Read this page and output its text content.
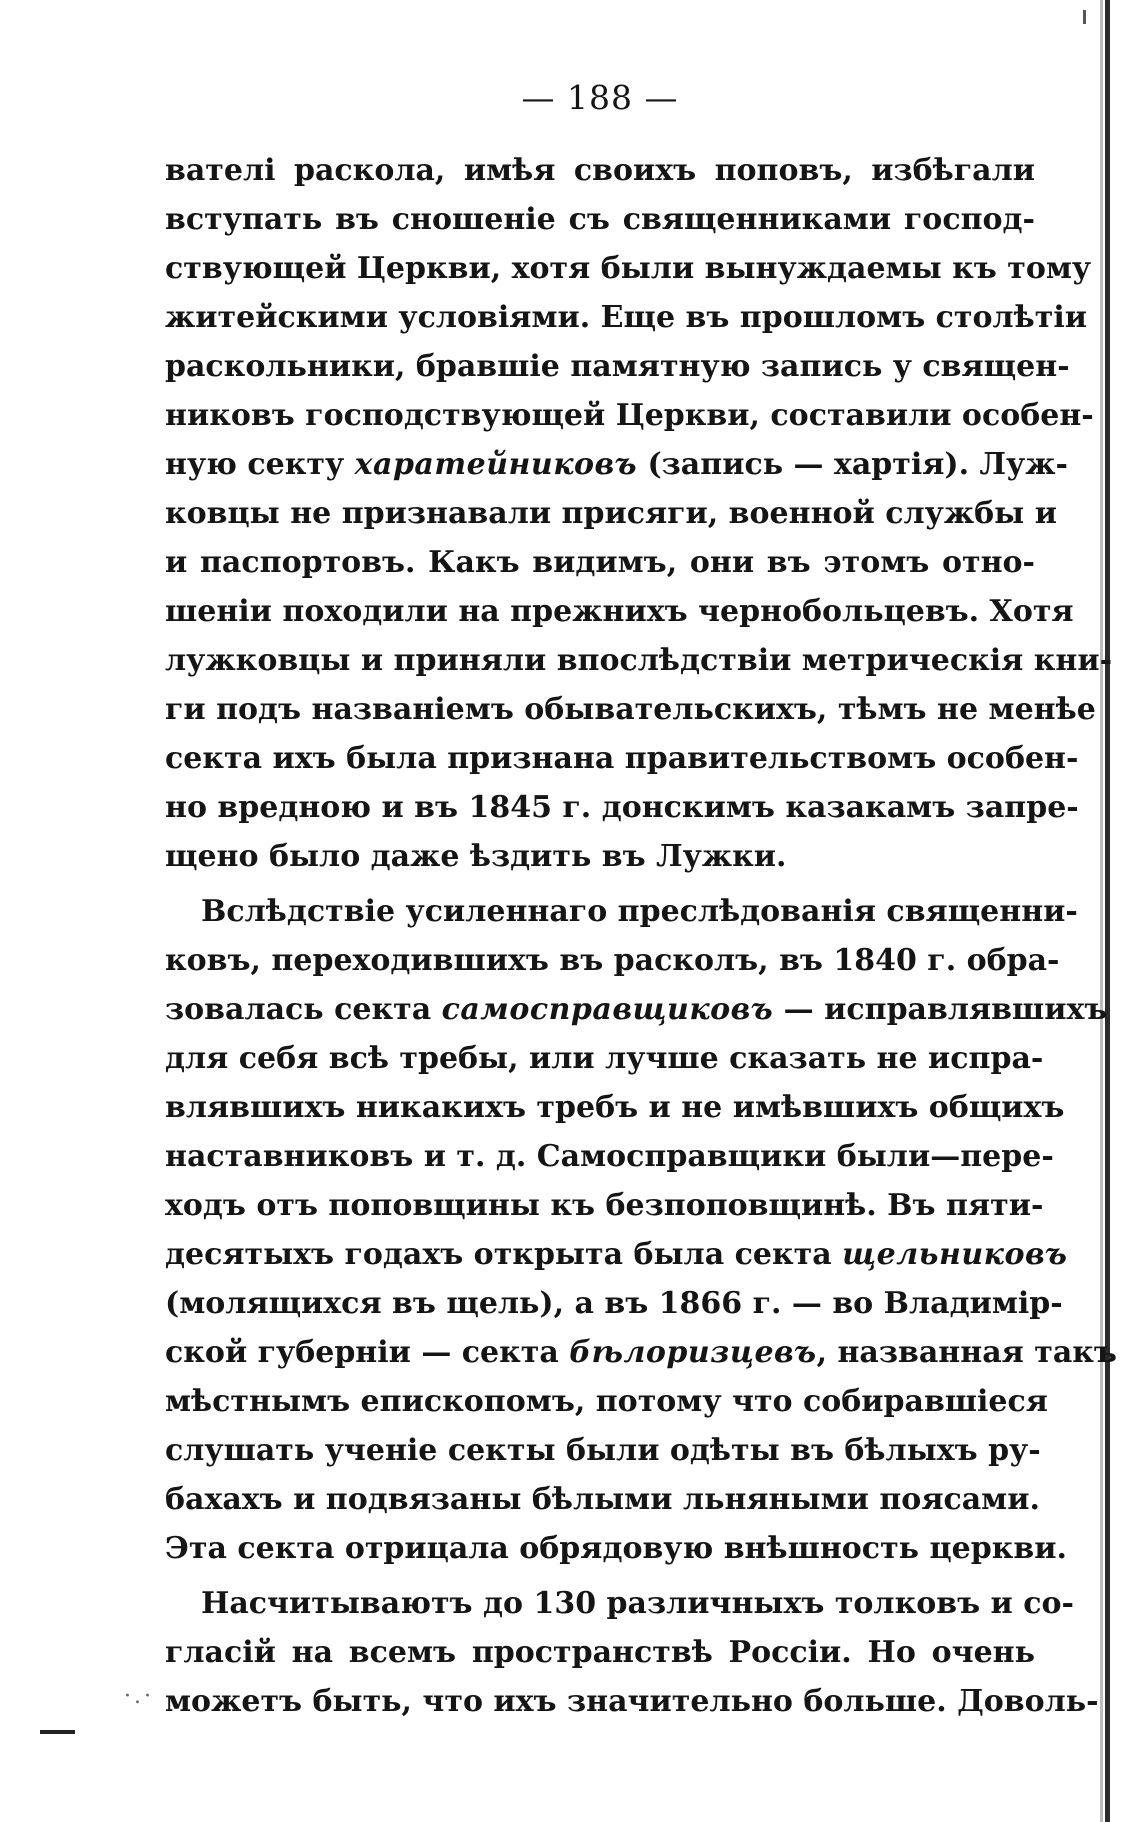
— 188 —
вателі раскола, имѣя своихъ поповъ, избѣгали
вступать въ сношеніе съ священниками господ-
ствующей Церкви, хотя были вынуждаемы къ тому
житейскими условіями. Еще въ прошломъ столѣтіи
раскольники, бравшіе памятную запись у священ-
никовъ господствующей Церкви, составили особен-
ную секту харатейниковъ (запись — хартія). Луж-
ковцы не признавали присяги, военной службы и
и паспортовъ. Какъ видимъ, они въ этомъ отно-
шеніи походили на прежнихъ чернобольцевъ. Хотя
лужковцы и приняли впослѣдствіи метрическія кни-
ги подъ названіемъ обывательскихъ, тѣмъ не менѣе
секта ихъ была признана правительствомъ особен-
но вредною и въ 1845 г. донскимъ казакамъ запре-
щено было даже ѣздить въ Лужки.
Вслѣдствіе усиленнаго преслѣдованія священни-
ковъ, переходившихъ въ расколъ, въ 1840 г. обра-
зовалась секта самосправщиковъ — исправлявшихъ
для себя всѣ требы, или лучше сказать не испра-
влявшихъ никакихъ требъ и не имѣвшихъ общихъ
наставниковъ и т. д. Самосправщики были—пере-
ходъ отъ поповщины къ безпоповщинѣ. Въ пяти-
десятыхъ годахъ открыта была секта щельниковъ
(молящихся въ щель), а въ 1866 г. — во Владимір-
ской губерніи — секта бѣлоризцевъ, названная такъ
мѣстнымъ епископомъ, потому что собиравшіеся
слушать ученіе секты были одѣты въ бѣлыхъ ру-
бахахъ и подвязаны бѣлыми льняными поясами.
Эта секта отрицала обрядовую внѣшность церкви.
Насчитываютъ до 130 различныхъ толковъ и со-
гласій на всемъ пространствѣ Россіи. Но очень
можетъ быть, что ихъ значительно больше. Доволь-
·.·
